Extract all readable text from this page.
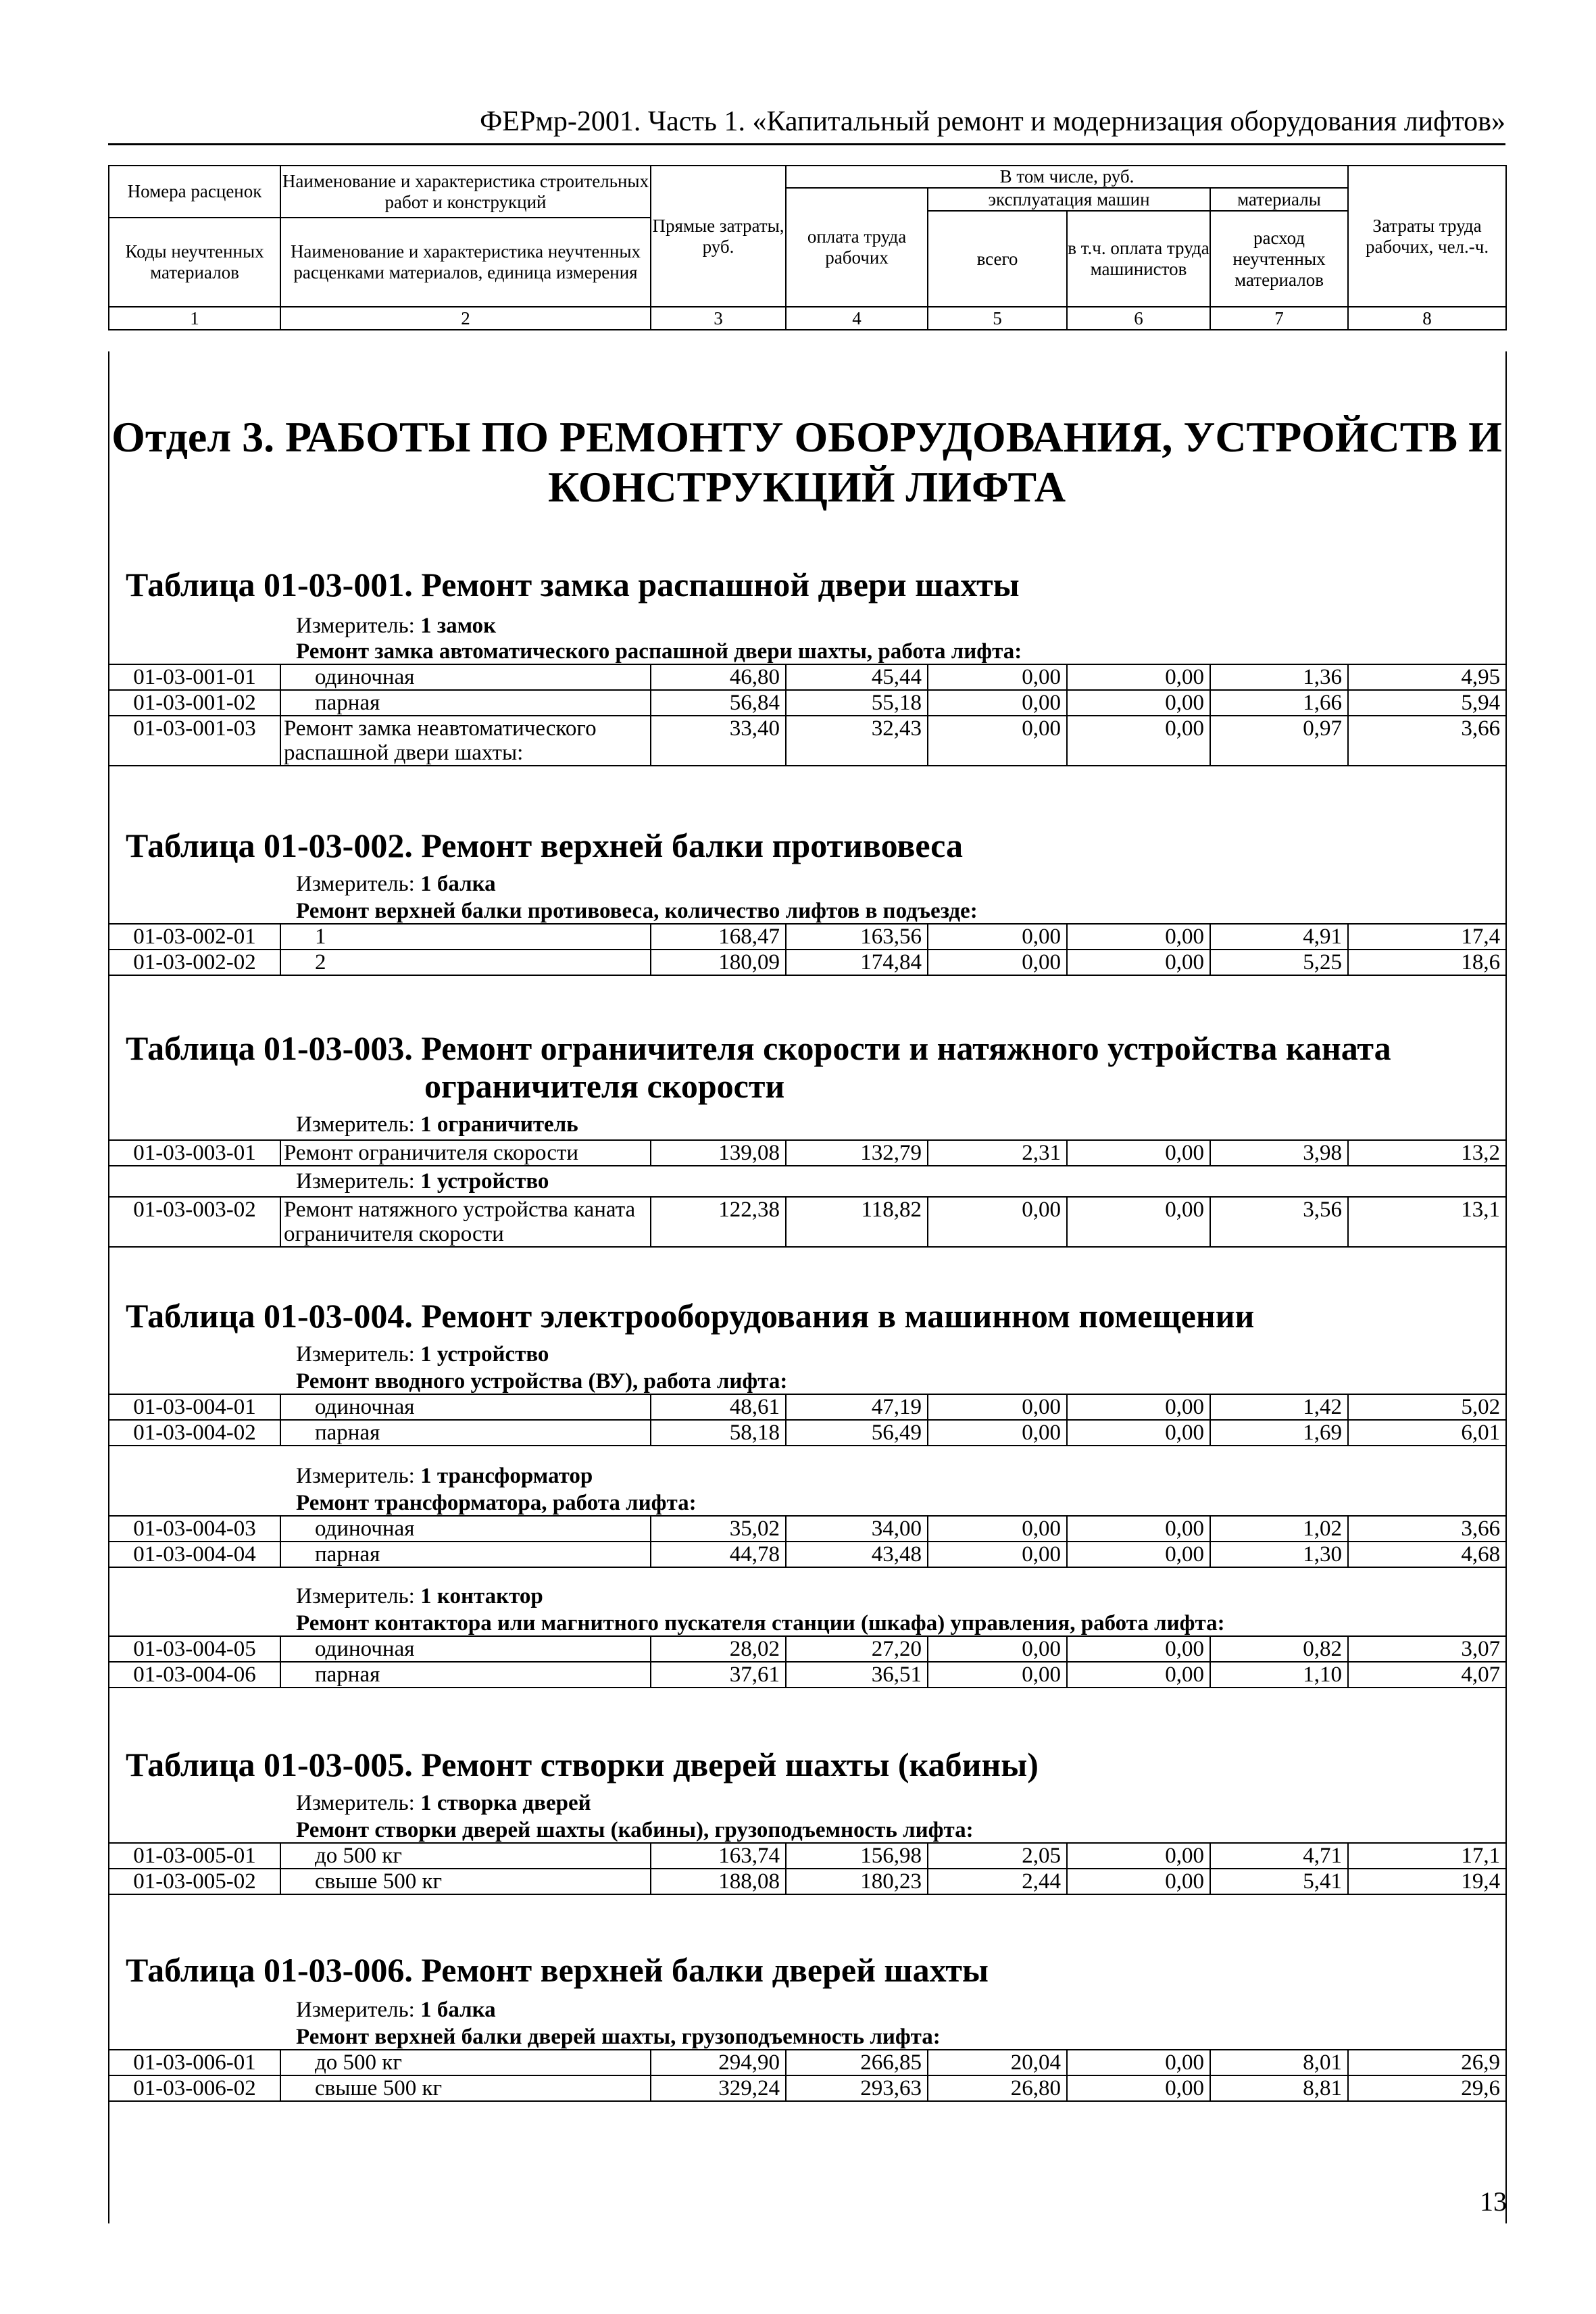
ФЕРмр-2001. Часть 1. «Капитальный ремонт и модернизация оборудования лифтов»
Номера расценок	Наименование и характеристика строительных работ и конструкций	Прямые затраты, руб.	В том числе, руб.				Затраты труда рабочих, чел.-ч.
			оплата труда рабочих	эксплуатация машин		материалы	
				всего	в т.ч. оплата труда машинистов	расход неучтенных материалов	
Коды неучтенных материалов	Наименование и характеристика неучтенных расценками материалов, единица измерения						

1	2	3	4	5	6	7	8
Отдел 3. РАБОТЫ ПО РЕМОНТУ ОБОРУДОВАНИЯ, УСТРОЙСТВ И КОНСТРУКЦИЙ ЛИФТА
Таблица 01-03-001. Ремонт замка распашной двери шахты
Измеритель: 1 замок
Ремонт замка автоматического распашной двери шахты, работа лифта:							
01-03-001-01	одиночная	46,80	45,44	0,00	0,00	1,36	4,95
01-03-001-02	парная	56,84	55,18	0,00	0,00	1,66	5,94
01-03-001-03	Ремонт замка неавтоматического распашной двери шахты:	33,40	32,43	0,00	0,00	0,97	3,66
Таблица 01-03-002. Ремонт верхней балки противовеса
Измеритель: 1 балка
Ремонт верхней балки противовеса, количество лифтов в подъезде:							
01-03-002-01	1	168,47	163,56	0,00	0,00	4,91	17,4
01-03-002-02	2	180,09	174,84	0,00	0,00	5,25	18,6
Таблица 01-03-003. Ремонт ограничителя скорости и натяжного устройства каната
ограничителя скорости
Измеритель: 1 ограничитель
01-03-003-01	Ремонт ограничителя скорости	139,08	132,79	2,31	0,00	3,98	13,2
Измеритель: 1 устройство
01-03-003-02	Ремонт натяжного устройства каната ограничителя скорости	122,38	118,82	0,00	0,00	3,56	13,1
Таблица 01-03-004. Ремонт электрооборудования в машинном помещении
Измеритель: 1 устройство
Ремонт вводного устройства (ВУ), работа лифта:							
01-03-004-01	одиночная	48,61	47,19	0,00	0,00	1,42	5,02
01-03-004-02	парная	58,18	56,49	0,00	0,00	1,69	6,01
Измеритель: 1 трансформатор
Ремонт трансформатора, работа лифта:							
01-03-004-03	одиночная	35,02	34,00	0,00	0,00	1,02	3,66
01-03-004-04	парная	44,78	43,48	0,00	0,00	1,30	4,68
Измеритель: 1 контактор
Ремонт контактора или магнитного пускателя станции (шкафа) управления, работа лифта:							
01-03-004-05	одиночная	28,02	27,20	0,00	0,00	0,82	3,07
01-03-004-06	парная	37,61	36,51	0,00	0,00	1,10	4,07
Таблица 01-03-005. Ремонт створки дверей шахты (кабины)
Измеритель: 1 створка дверей
Ремонт створки дверей шахты (кабины), грузоподъемность лифта:							
01-03-005-01	до 500 кг	163,74	156,98	2,05	0,00	4,71	17,1
01-03-005-02	свыше 500 кг	188,08	180,23	2,44	0,00	5,41	19,4
Таблица 01-03-006. Ремонт верхней балки дверей шахты
Измеритель: 1 балка
Ремонт верхней балки дверей шахты, грузоподъемность лифта:							
01-03-006-01	до 500 кг	294,90	266,85	20,04	0,00	8,01	26,9
01-03-006-02	свыше 500 кг	329,24	293,63	26,80	0,00	8,81	29,6
13
